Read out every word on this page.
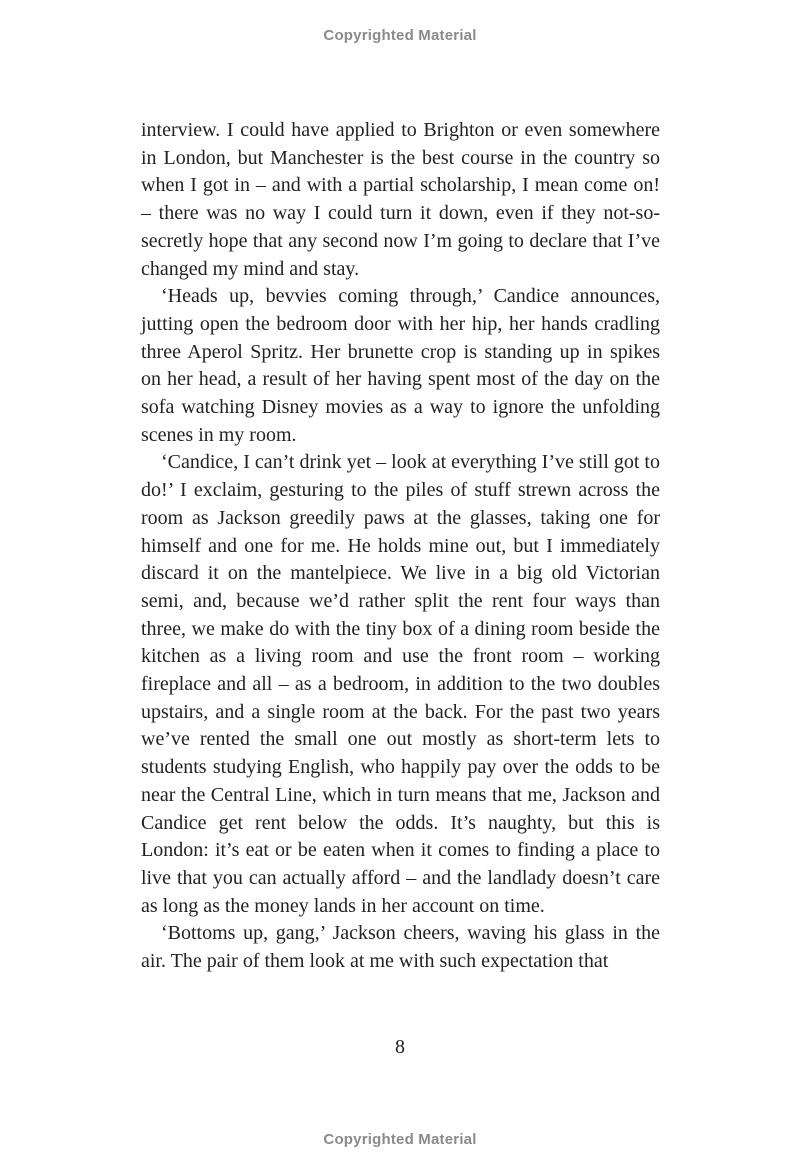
Copyrighted Material

interview. I could have applied to Brighton or even somewhere in London, but Manchester is the best course in the country so when I got in – and with a partial scholarship, I mean come on! – there was no way I could turn it down, even if they not-so-secretly hope that any second now I’m going to declare that I’ve changed my mind and stay.

‘Heads up, bevvies coming through,’ Candice announces, jutting open the bedroom door with her hip, her hands cradling three Aperol Spritz. Her brunette crop is standing up in spikes on her head, a result of her having spent most of the day on the sofa watching Disney movies as a way to ignore the unfolding scenes in my room.

‘Candice, I can’t drink yet – look at everything I’ve still got to do!’ I exclaim, gesturing to the piles of stuff strewn across the room as Jackson greedily paws at the glasses, taking one for himself and one for me. He holds mine out, but I immediately discard it on the mantelpiece. We live in a big old Victorian semi, and, because we’d rather split the rent four ways than three, we make do with the tiny box of a dining room beside the kitchen as a living room and use the front room – working fireplace and all – as a bedroom, in addition to the two doubles upstairs, and a single room at the back. For the past two years we’ve rented the small one out mostly as short-term lets to students studying English, who happily pay over the odds to be near the Central Line, which in turn means that me, Jackson and Candice get rent below the odds. It’s naughty, but this is London: it’s eat or be eaten when it comes to finding a place to live that you can actually afford – and the landlady doesn’t care as long as the money lands in her account on time.

‘Bottoms up, gang,’ Jackson cheers, waving his glass in the air. The pair of them look at me with such expectation that

8
Copyrighted Material
